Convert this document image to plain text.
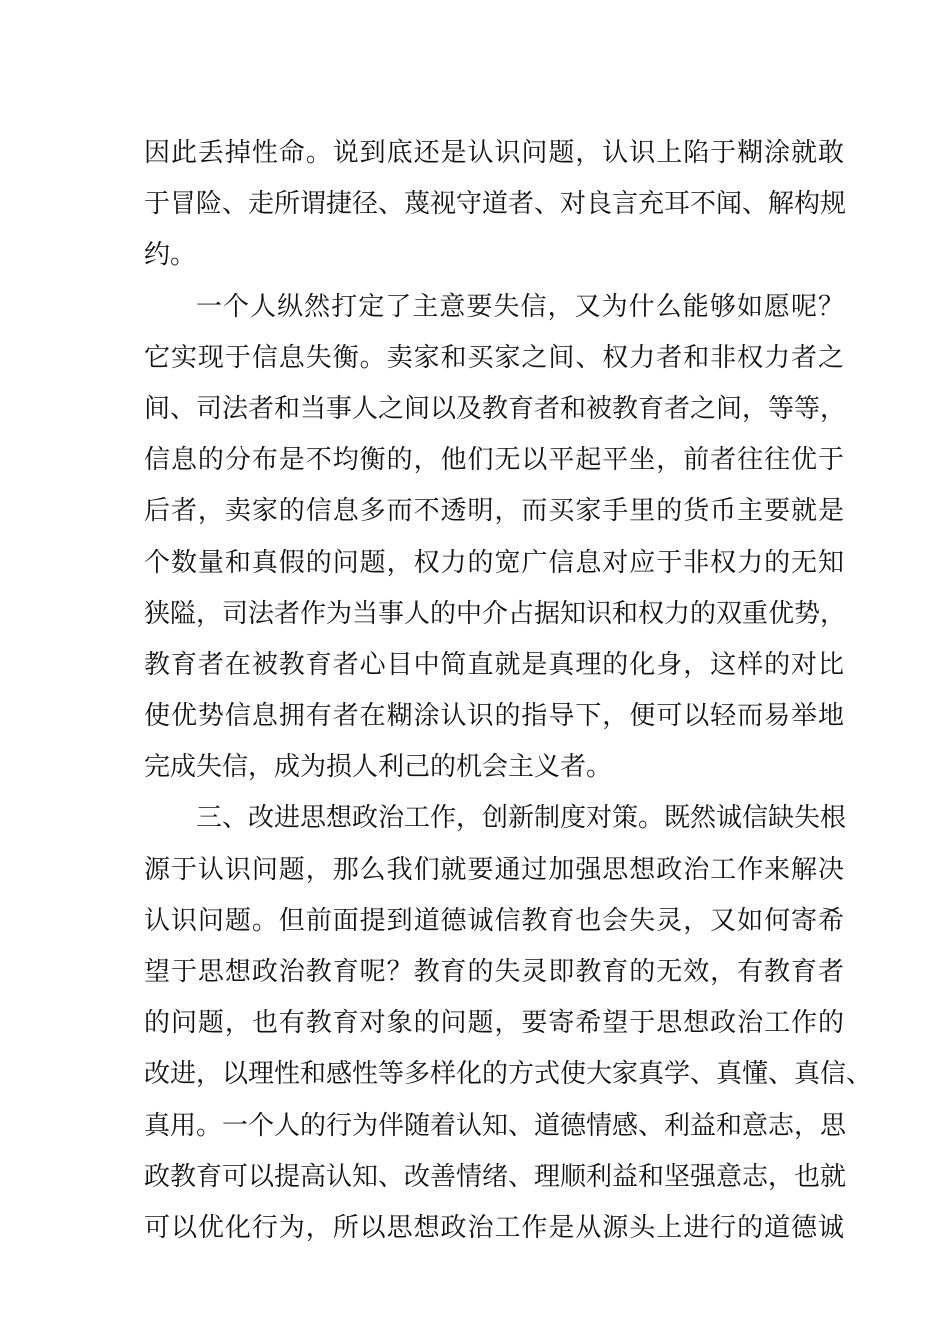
因此丢掉性命。说到底还是认识问题，认识上陷于糊涂就敢
于冒险、走所谓捷径、蔑视守道者、对良言充耳不闻、解构规
约。
一个人纵然打定了主意要失信，又为什么能够如愿呢？
它实现于信息失衡。卖家和买家之间、权力者和非权力者之
间、司法者和当事人之间以及教育者和被教育者之间，等等，
信息的分布是不均衡的，他们无以平起平坐，前者往往优于
后者，卖家的信息多而不透明，而买家手里的货币主要就是
个数量和真假的问题，权力的宽广信息对应于非权力的无知
狭隘，司法者作为当事人的中介占据知识和权力的双重优势，
教育者在被教育者心目中简直就是真理的化身，这样的对比
使优势信息拥有者在糊涂认识的指导下，便可以轻而易举地
完成失信，成为损人利己的机会主义者。
三、改进思想政治工作，创新制度对策。既然诚信缺失根
源于认识问题，那么我们就要通过加强思想政治工作来解决
认识问题。但前面提到道德诚信教育也会失灵，又如何寄希
望于思想政治教育呢？教育的失灵即教育的无效，有教育者
的问题，也有教育对象的问题，要寄希望于思想政治工作的
改进，以理性和感性等多样化的方式使大家真学、真懂、真信、
真用。一个人的行为伴随着认知、道德情感、利益和意志，思
政教育可以提高认知、改善情绪、理顺利益和坚强意志，也就
可以优化行为，所以思想政治工作是从源头上进行的道德诚
